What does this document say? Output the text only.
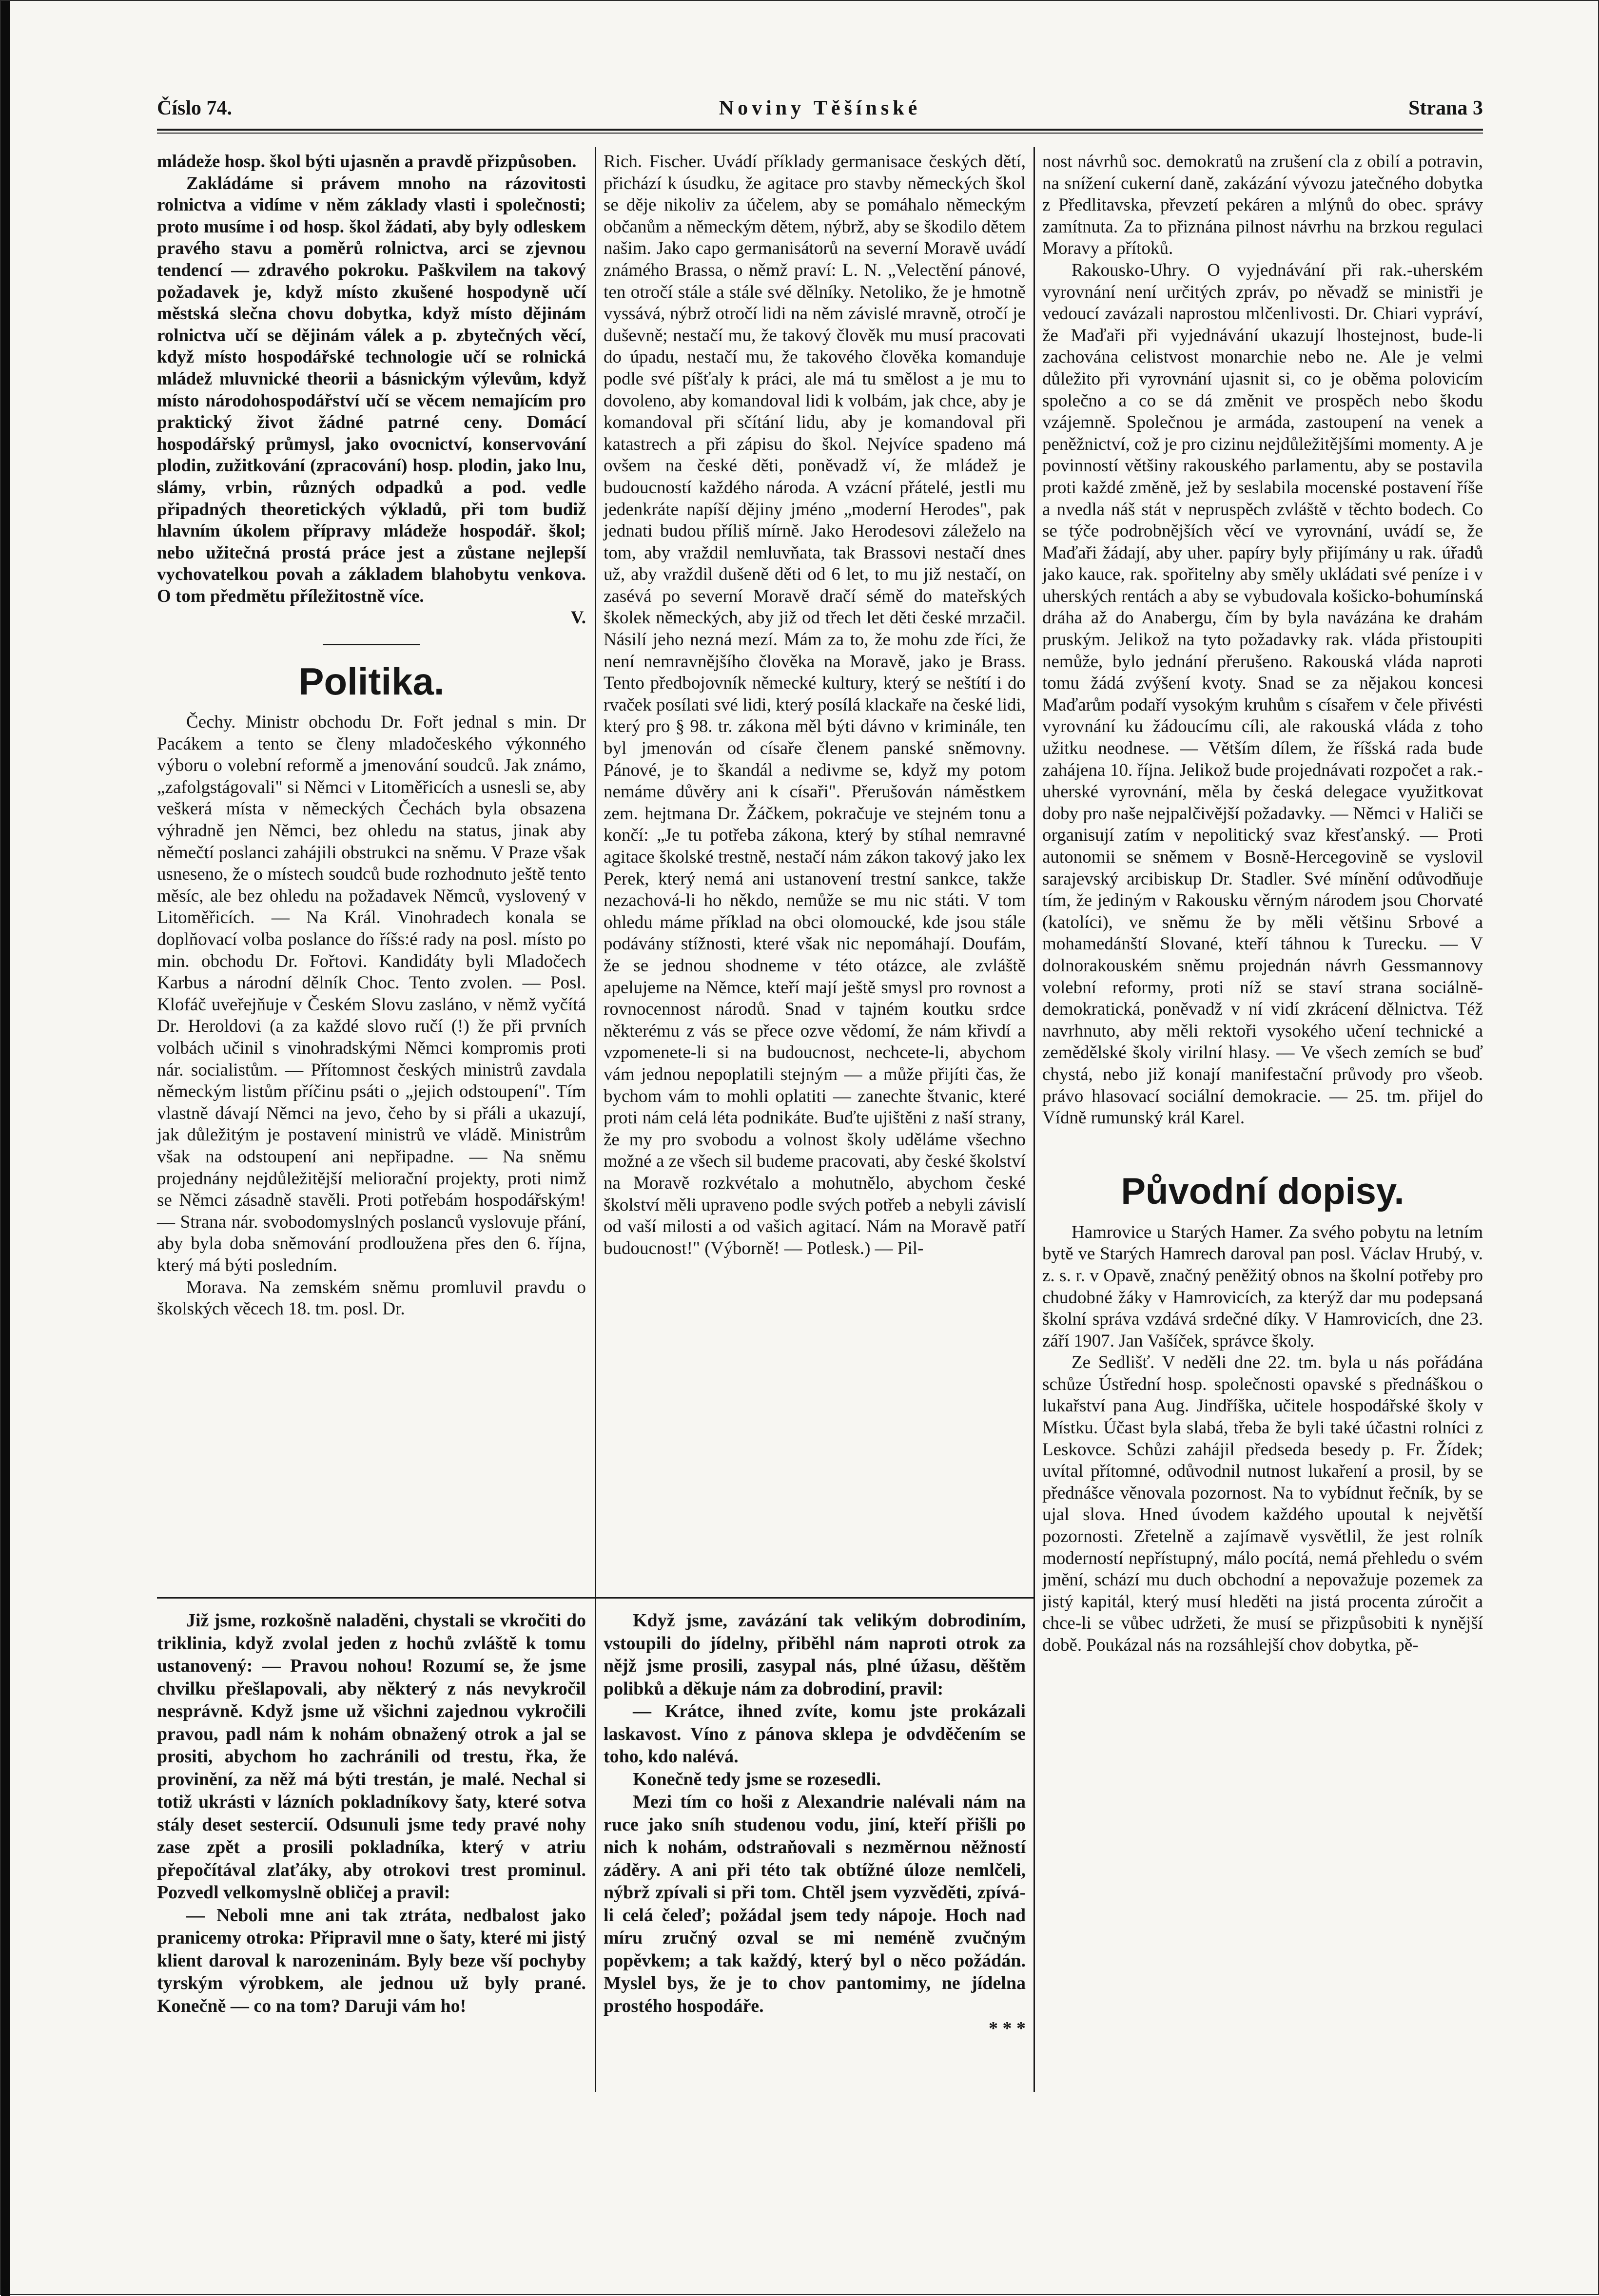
Číslo 74.	Noviny Těšínské	Strana 3

mládeže hosp. škol býti ujasněn a pravdě přizpůsoben.

Zakládáme si právem mnoho na rázovitosti rolnictva a vidíme v něm základy vlasti i společnosti; proto musíme i od hosp. škol žádati, aby byly odleskem pravého stavu a poměrů rolnictva, arci se zjevnou tendencí — zdravého pokroku. Paškvilem na takový požadavek je, když místo zkušené hospodyně učí městská slečna chovu dobytka, když místo dějinám rolnictva učí se dějinám válek a p. zbytečných věcí, když místo hospodářské technologie učí se rolnická mládež mluvnické theorii a básnickým výlevům, když místo národohospodářství učí se věcem nemajícím pro praktický život žádné patrné ceny. Domácí hospodářský průmysl, jako ovocnictví, konservování plodin, zužitkování (zpracování) hosp. plodin, jako lnu, slámy, vrbin, různých odpadků a pod. vedle připadných theoretických výkladů, při tom budiž hlavním úkolem přípravy mládeže hospodář. škol; nebo užitečná prostá práce jest a zůstane nejlepší vychovatelkou povah a základem blahobytu venkova. O tom předmětu příležitostně více.

V.
Politika.

Čechy. Ministr obchodu Dr. Fořt jednal s min. Dr Pacákem a tento se členy mladočeského výkonného výboru o volební reformě a jmenování soudců. Jak známo, „zafolgstágovali" si Němci v Litoměřicích a usnesli se, aby veškerá místa v německých Čechách byla obsazena výhradně jen Němci, bez ohledu na status, jinak aby němečtí poslanci zahájili obstrukci na sněmu. V Praze však usneseno, že o místech soudců bude rozhodnuto ještě tento měsíc, ale bez ohledu na požadavek Němců, vyslovený v Litoměřicích. — Na Král. Vinohradech konala se doplňovací volba poslance do říšs:é rady na posl. místo po min. obchodu Dr. Fořtovi. Kandidáty byli Mladočech Karbus a národní dělník Choc. Tento zvolen. — Posl. Klofáč uveřejňuje v Českém Slovu zasláno, v němž vyčítá Dr. Heroldovi (a za každé slovo ručí (!) že při prvních volbách učinil s vinohradskými Němci kompromis proti nár. socialistům. — Přítomnost českých ministrů zavdala německým listům příčinu psáti o „jejich odstoupení". Tím vlastně dávají Němci na jevo, čeho by si přáli a ukazují, jak důležitým je postavení ministrů ve vládě. Ministrům však na odstoupení ani nepřipadne. — Na sněmu projednány nejdůležitější meliorační projekty, proti nimž se Němci zásadně stavěli. Proti potřebám hospodářským! — Strana nár. svobodomyslných poslanců vyslovuje přání, aby byla doba sněmování prodloužena přes den 6. října, který má býti posledním.

Morava. Na zemském sněmu promluvil pravdu o školských věcech 18. tm. posl. Dr.

Rich. Fischer. Uvádí příklady germanisace českých dětí, přichází k úsudku, že agitace pro stavby německých škol se děje nikoliv za účelem, aby se pomáhalo německým občanům a německým dětem, nýbrž, aby se škodilo dětem našim. Jako capo germanisátorů na severní Moravě uvádí známého Brassa, o němž praví: L. N. „Velectění pánové, ten otročí stále a stále své dělníky. Netoliko, že je hmotně vyssává, nýbrž otročí lidi na něm závislé mravně, otročí je duševně; nestačí mu, že takový člověk mu musí pracovati do úpadu, nestačí mu, že takového člověka komanduje podle své píšťaly k práci, ale má tu smělost a je mu to dovoleno, aby komandoval lidi k volbám, jak chce, aby je komandoval při sčítání lidu, aby je komandoval při katastrech a při zápisu do škol. Nejvíce spadeno má ovšem na české děti, poněvadž ví, že mládež je budoucností každého národa. A vzácní přátelé, jestli mu jedenkráte napíší dějiny jméno „moderní Herodes", pak jednati budou příliš mírně. Jako Herodesovi záleželo na tom, aby vraždil nemluvňata, tak Brassovi nestačí dnes už, aby vraždil dušeně děti od 6 let, to mu již nestačí, on zasévá po severní Moravě dračí sémě do mateřských školek německých, aby již od třech let děti české mrzačil. Násilí jeho nezná mezí. Mám za to, že mohu zde říci, že není nemravnějšího člověka na Moravě, jako je Brass. Tento předbojovník německé kultury, který se neštítí i do rvaček posílati své lidi, který posílá klackaře na české lidi, který pro § 98. tr. zákona měl býti dávno v kriminále, ten byl jmenován od císaře členem panské sněmovny. Pánové, je to škandál a nedivme se, když my potom nemáme důvěry ani k císaři". Přerušován náměstkem zem. hejtmana Dr. Žáčkem, pokračuje ve stejném tonu a končí: „Je tu potřeba zákona, který by stíhal nemravné agitace školské trestně, nestačí nám zákon takový jako lex Perek, který nemá ani ustanovení trestní sankce, takže nezachová-li ho někdo, nemůže se mu nic státi. V tom ohledu máme příklad na obci olomoucké, kde jsou stále podávány stížnosti, které však nic nepomáhají. Doufám, že se jednou shodneme v této otázce, ale zvláště apelujeme na Němce, kteří mají ještě smysl pro rovnost a rovnocennost národů. Snad v tajném koutku srdce některému z vás se přece ozve vědomí, že nám křivdí a vzpomenete-li si na budoucnost, nechcete-li, abychom vám jednou nepoplatili stejným — a může přijíti čas, že bychom vám to mohli oplatiti — zanechte štvanic, které proti nám celá léta podnikáte. Buďte ujištěni z naší strany, že my pro svobodu a volnost školy uděláme všechno možné a ze všech sil budeme pracovati, aby české školství na Moravě rozkvétalo a mohutnělo, abychom české školství měli upraveno podle svých potřeb a nebyli závislí od vaší milosti a od vašich agitací. Nám na Moravě patří budoucnost!" (Výborně! — Potlesk.) — Pil-

nost návrhů soc. demokratů na zrušení cla z obilí a potravin, na snížení cukerní daně, zakázání vývozu jatečného dobytka z Předlitavska, převzetí pekáren a mlýnů do obec. správy zamítnuta. Za to přiznána pilnost návrhu na brzkou regulaci Moravy a přítoků.

Rakousko-Uhry. O vyjednávání při rak.-uherském vyrovnání není určitých zpráv, po něvadž se ministři je vedoucí zavázali naprostou mlčenlivosti. Dr. Chiari vypráví, že Maďaři při vyjednávání ukazují lhostejnost, bude-li zachována celistvost monarchie nebo ne. Ale je velmi důležito při vyrovnání ujasnit si, co je oběma polovicím společno a co se dá změnit ve prospěch nebo škodu vzájemně. Společnou je armáda, zastoupení na venek a peněžnictví, což je pro cizinu nejdůležitějšími momenty. A je povinností většiny rakouského parlamentu, aby se postavila proti každé změně, jež by seslabila mocenské postavení říše a nvedla náš stát v nepruspěch zvláště v těchto bodech. Co se týče podrobnějších věcí ve vyrovnání, uvádí se, že Maďaři žádají, aby uher. papíry byly přijímány u rak. úřadů jako kauce, rak. spořitelny aby směly ukládati své peníze i v uherských rentách a aby se vybudovala košicko-bohumínská dráha až do Anabergu, čím by byla navázána ke drahám pruským. Jelikož na tyto požadavky rak. vláda přistoupiti nemůže, bylo jednání přerušeno. Rakouská vláda naproti tomu žádá zvýšení kvoty. Snad se za nějakou koncesi Maďarům podaří vysokým kruhům s císařem v čele přivésti vyrovnání ku žádoucímu cíli, ale rakouská vláda z toho užitku neodnese. — Větším dílem, že říšská rada bude zahájena 10. října. Jelikož bude projednávati rozpočet a rak.-uherské vyrovnání, měla by česká delegace využitkovat doby pro naše nejpalčivější požadavky. — Němci v Haliči se organisují zatím v nepolitický svaz křesťanský. — Proti autonomii se sněmem v Bosně-Hercegovině se vyslovil sarajevský arcibiskup Dr. Stadler. Své mínění odůvodňuje tím, že jediným v Rakousku věrným národem jsou Chorvaté (katolíci), ve sněmu že by měli většinu Srbové a mohamedánští Slované, kteří táhnou k Turecku. — V dolnorakouském sněmu projednán návrh Gessmannovy volební reformy, proti níž se staví strana sociálně-demokratická, poněvadž v ní vidí zkrácení dělnictva. Též navrhnuto, aby měli rektoři vysokého učení technické a zemědělské školy virilní hlasy. — Ve všech zemích se buď chystá, nebo již konají manifestační průvody pro všeob. právo hlasovací sociální demokracie. — 25. tm. přijel do Vídně rumunský král Karel.

Původní dopisy.

Hamrovice u Starých Hamer. Za svého pobytu na letním bytě ve Starých Hamrech daroval pan posl. Václav Hrubý, v. z. s. r. v Opavě, značný peněžitý obnos na školní potřeby pro chudobné žáky v Hamrovicích, za kterýž dar mu podepsaná školní správa vzdává srdečné díky. V Hamrovicích, dne 23. září 1907. Jan Vašíček, správce školy.

Ze Sedlišť. V neděli dne 22. tm. byla u nás pořádána schůze Ústřední hosp. společnosti opavské s přednáškou o lukařství pana Aug. Jindříška, učitele hospodářské školy v Místku. Účast byla slabá, třeba že byli také účastni rolníci z Leskovce. Schůzi zahájil předseda besedy p. Fr. Žídek; uvítal přítomné, odůvodnil nutnost lukaření a prosil, by se přednášce věnovala pozornost. Na to vybídnut řečník, by se ujal slova. Hned úvodem každého upoutal k největší pozornosti. Zřetelně a zajímavě vysvětlil, že jest rolník moderností nepřístupný, málo pocítá, nemá přehledu o svém jmění, schází mu duch obchodní a nepovažuje pozemek za jistý kapitál, který musí hleděti na jistá procenta zúročit a chce-li se vůbec udržeti, že musí se přizpůsobiti k nynější době. Poukázal nás na rozsáhlejší chov dobytka, pě-

Již jsme, rozkošně naladěni, chystali se vkročiti do triklinia, když zvolal jeden z hochů zvláště k tomu ustanovený: — Pravou nohou! Rozumí se, že jsme chvilku přešlapovali, aby některý z nás nevykročil nesprávně. Když jsme už všichni zajednou vykročili pravou, padl nám k nohám obnažený otrok a jal se prositi, abychom ho zachránili od trestu, řka, že provinění, za něž má býti trestán, je malé. Nechal si totiž ukrásti v lázních pokladníkovy šaty, které sotva stály deset sestercií. Odsunuli jsme tedy pravé nohy zase zpět a prosili pokladníka, který v atriu přepočítával zlaťáky, aby otrokovi trest prominul. Pozvedl velkomyslně obličej a pravil:

— Neboli mne ani tak ztráta, nedbalost jako pranicemy otroka: Připravil mne o šaty, které mi jistý klient daroval k narozeninám. Byly beze vší pochyby tyrským výrobkem, ale jednou už byly prané. Konečně — co na tom? Daruji vám ho!

Když jsme, zavázání tak velikým dobrodiním, vstoupili do jídelny, přiběhl nám naproti otrok za nějž jsme prosili, zasypal nás, plné úžasu, děštěm polibků a děkuje nám za dobrodiní, pravil:

— Krátce, ihned zvíte, komu jste prokázali laskavost. Víno z pánova sklepa je odvděčením se toho, kdo nalévá.

Konečně tedy jsme se rozesedli.

Mezi tím co hoši z Alexandrie nalévali nám na ruce jako sníh studenou vodu, jiní, kteří přišli po nich k nohám, odstraňovali s nezměrnou něžností záděry. A ani při této tak obtížné úloze nemlčeli, nýbrž zpívali si při tom. Chtěl jsem vyzvěděti, zpívá-li celá čeleď; požádal jsem tedy nápoje. Hoch nad míru zručný ozval se mi neméně zvučným popěvkem; a tak každý, který byl o něco požádán. Myslel bys, že je to chov pantomimy, ne jídelna prostého hospodáře.

* * *
